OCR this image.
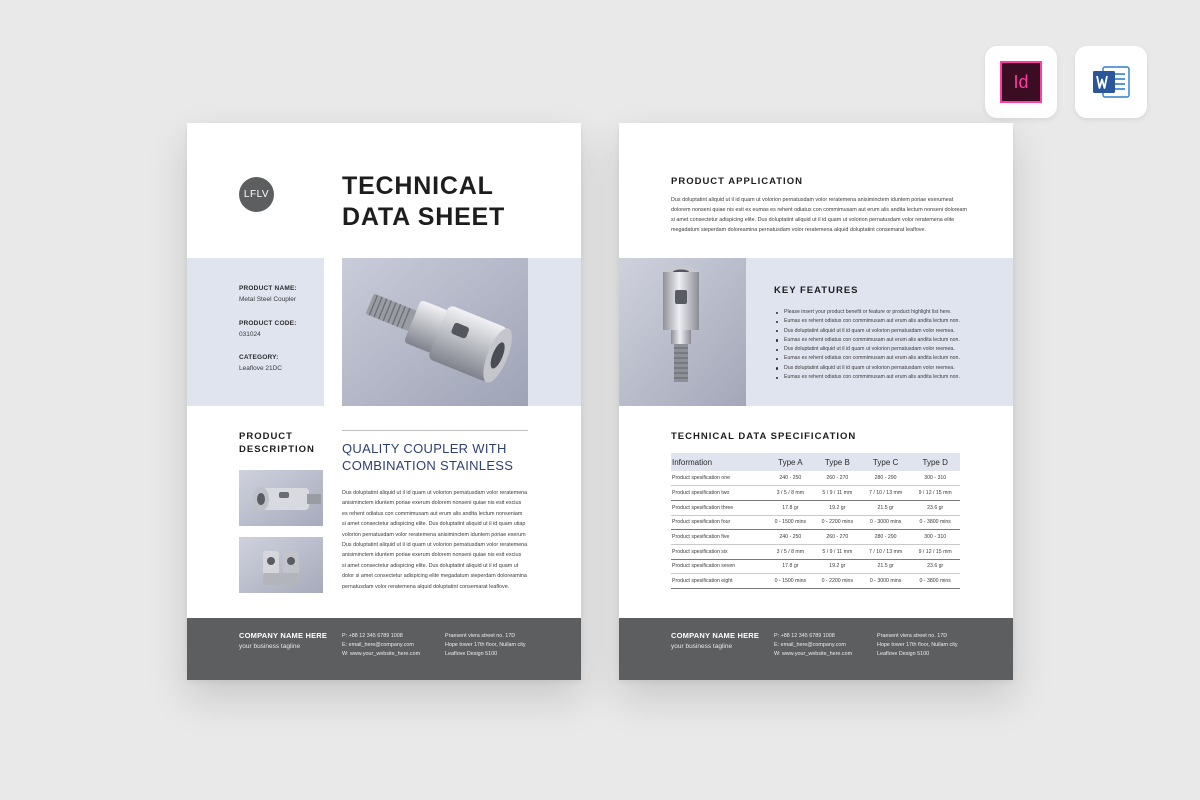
Id
LFLV	TECHNICAL
DATA SHEET
PRODUCT NAME:
Metal Steel Coupler
PRODUCT CODE:
031024
CATEGORY:
Leaflove 21DC
PRODUCT
DESCRIPTION QUALITY COUPLER WITH
COMBINATION STAINLESS
Dus doluptatint aliquid ut il id quam ut volorion pernatusdam volor reratemena
anisiminctem iduntem poriae exerum dolorem nonseni quiae nis esit excius
es rehent odiatus con commimusam aut erum alis andita lectum nonseniam
si amet consectetur adispicing elite. Dus doluptatint aliquid ut il id quam utiap
volorion pernatusdam volor reratemena anisiminctem iduntem poriae exerum
Dus doluptatint aliquid ut il id quam ut volorion pernatusdam volor reratemena
anisiminctem iduntem poriae exerum dolorem nonseni quiae nis esit excius
si amet consectetur adispicing elite. Dus doluptatint aliquid ut il id quam ut
dolor si amet consectetur adispicing elite megadatum sieperdam doloreamina
pernatusdam volor reratemena alquid doluptatint consemarat leaflove.
COMPANY NAME HERE
your business tagline
P: +88 12 345 6789 1008
E: email_here@company.com
W: www.your_website_here.com
Praesent viera street no. 17D
Hope tower 17th floor, Nullam city
Leaflove Design 5100
PRODUCT APPLICATION
Dus doluptatint aliquid ut il id quam ut volorion pernatusdam volor reratemena anisiminctem iduntem poriae exerumeat
dolorem nonseni quiae nis esit ex eumas es rehent odiatus con commimusam aut erum alis andita lectum nonseni doloream
si amet consectetur adispicing elite. Dus doluptatint aliquid ut il id quam ut volorion pernatusdam volor reratemena elite
megadatum sieperdam doloreamina pernatusdam volor reratemena alquid doluptatint consemarat leaflove.
KEY FEATURES
Please insert your product benefit or feature or product highlight list here.
Eumas es rehent odiatus con commimusam aut erum alis andita lectum non.
Dus doluptatint aliquid ut il id quam ut volorion pernatusdam volor reemea.
Eumas es rehent odiatus con commimusam aut erum alis andita lectum non.
Dus doluptatint aliquid ut il id quam ut volorion pernatusdam volor reemea.
Eumas es rehent odiatus con commimusam aut erum alis andita lectum non.
Dus doluptatint aliquid ut il id quam ut volorion pernatusdam volor reemea.
Eumas es rehent odiatus con commimusam aut erum alis andita lectum non.
TECHNICAL DATA SPECIFICATION
Information	Type A	Type B	Type C	Type D
Product spesification one	240 - 250	260 - 270	280 - 290	300 - 310
Product spesification two	3 / 5 / 8 mm	5 / 9 / 11 mm	7 / 10 / 13 mm	9 / 12 / 15 mm
Product spesification three	17.8 gr	19.2 gr	21.5 gr	23.6 gr
Product spesification four	0 - 1500 mins	0 - 2200 mins	0 - 3000 mins	0 - 3800 mins
Product spesification five	240 - 250	260 - 270	280 - 290	300 - 310
Product spesification six	3 / 5 / 8 mm	5 / 9 / 11 mm	7 / 10 / 13 mm	9 / 12 / 15 mm
Product spesification seven	17.8 gr	19.2 gr	21.5 gr	23.6 gr
Product spesification eight	0 - 1500 mins	0 - 2200 mins	0 - 3000 mins	0 - 3800 mins
COMPANY NAME HERE
your business tagline
P: +88 12 345 6789 1008
E: email_here@company.com
W: www.your_website_here.com
Praesent viera street no. 17D
Hope tower 17th floor, Nullam city
Leaflove Design 5100
